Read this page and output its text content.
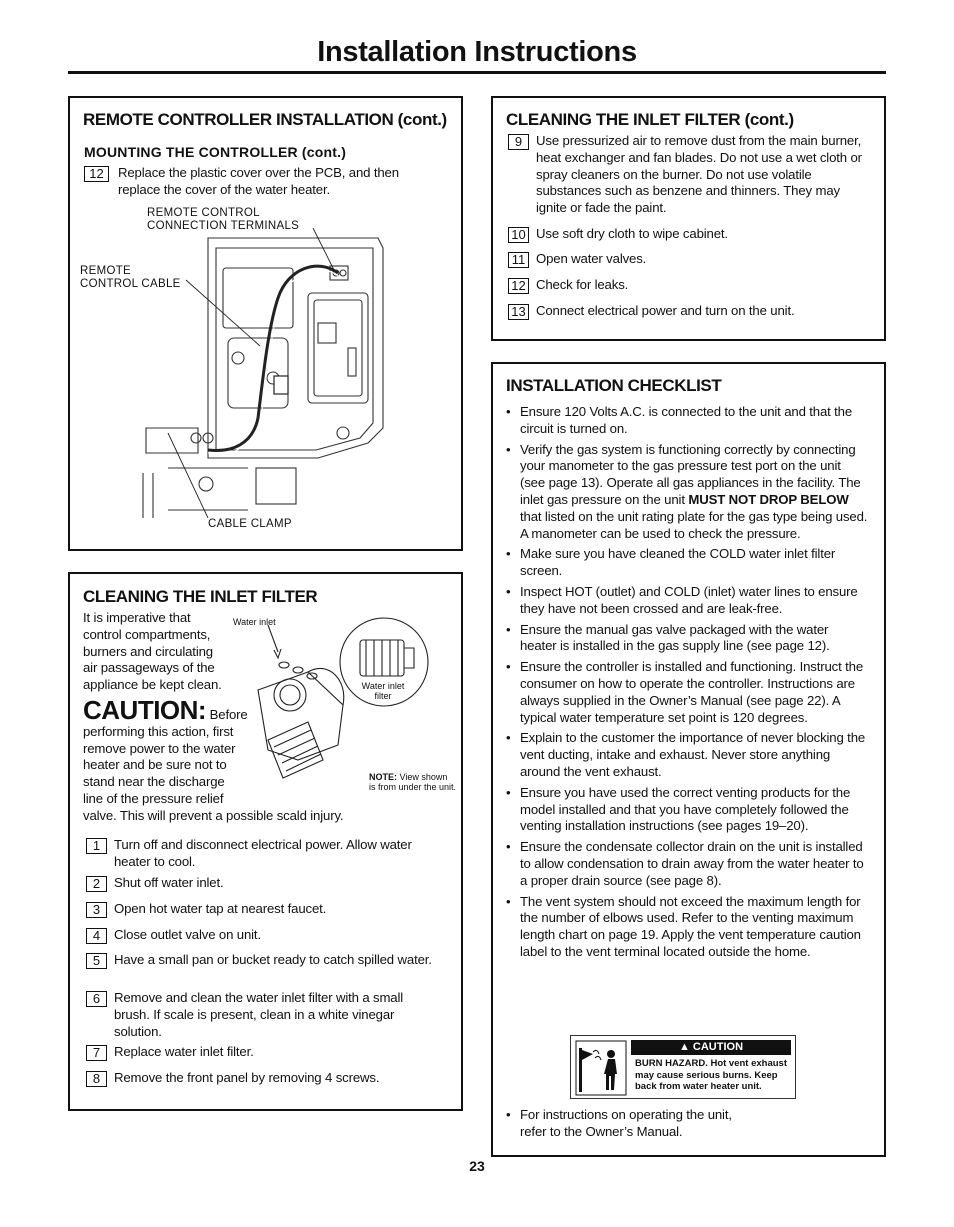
Installation Instructions
REMOTE CONTROLLER INSTALLATION (cont.)
MOUNTING THE CONTROLLER (cont.)
12	Replace the plastic cover over the PCB, and then replace the cover of the water heater.
REMOTE CONTROL
CONNECTION TERMINALS
REMOTE
CONTROL CABLE
CABLE CLAMP
CLEANING THE INLET FILTER
It is imperative that
control compartments,
burners and circulating
air passageways of the
appliance be kept clean.
CAUTION: Before
performing this action, first
remove power to the water
heater and be sure not to
stand near the discharge
line of the pressure relief
valve. This will prevent a possible scald injury.
Water inlet
Water inlet
filter
NOTE: View shown
is from under the unit.
1	Turn off and disconnect electrical power. Allow water heater to cool.
2	Shut off water inlet.
3	Open hot water tap at nearest faucet.
4	Close outlet valve on unit.
5	Have a small pan or bucket ready to catch spilled water.
6	Remove and clean the water inlet filter with a small brush. If scale is present, clean in a white vinegar solution.
7	Replace water inlet filter.
8	Remove the front panel by removing 4 screws.
CLEANING THE INLET FILTER (cont.)
9	Use pressurized air to remove dust from the main burner, heat exchanger and fan blades. Do not use a wet cloth or spray cleaners on the burner. Do not use volatile substances such as benzene and thinners. They may ignite or fade the paint.
10 Use soft dry cloth to wipe cabinet.
11 Open water valves.
12 Check for leaks.
13 Connect electrical power and turn on the unit.
INSTALLATION CHECKLIST
• Ensure 120 Volts A.C. is connected to the unit and that the circuit is turned on.
• Verify the gas system is functioning correctly by connecting your manometer to the gas pressure test port on the unit (see page 13). Operate all gas appliances in the facility. The inlet gas pressure on the unit MUST NOT DROP BELOW that listed on the unit rating plate for the gas type being used. A manometer can be used to check the pressure.
• Make sure you have cleaned the COLD water inlet filter screen.
• Inspect HOT (outlet) and COLD (inlet) water lines to ensure they have not been crossed and are leak-free.
• Ensure the manual gas valve packaged with the water heater is installed in the gas supply line (see page 12).
• Ensure the controller is installed and functioning. Instruct the consumer on how to operate the controller. Instructions are always supplied in the Owner’s Manual (see page 22). A typical water temperature set point is 120 degrees.
• Explain to the customer the importance of never blocking the vent ducting, intake and exhaust. Never store anything around the vent exhaust.
• Ensure you have used the correct venting products for the model installed and that you have completely followed the venting installation instructions (see pages 19–20).
• Ensure the condensate collector drain on the unit is installed to allow condensation to drain away from the water heater to a proper drain source (see page 8).
• The vent system should not exceed the maximum length for the number of elbows used. Refer to the venting maximum length chart on page 19. Apply the vent temperature caution label to the vent terminal located outside the home.
▲ CAUTION
BURN HAZARD. Hot vent exhaust
may cause serious burns. Keep
back from water heater unit.
• For instructions on operating the unit, refer to the Owner’s Manual.
23
